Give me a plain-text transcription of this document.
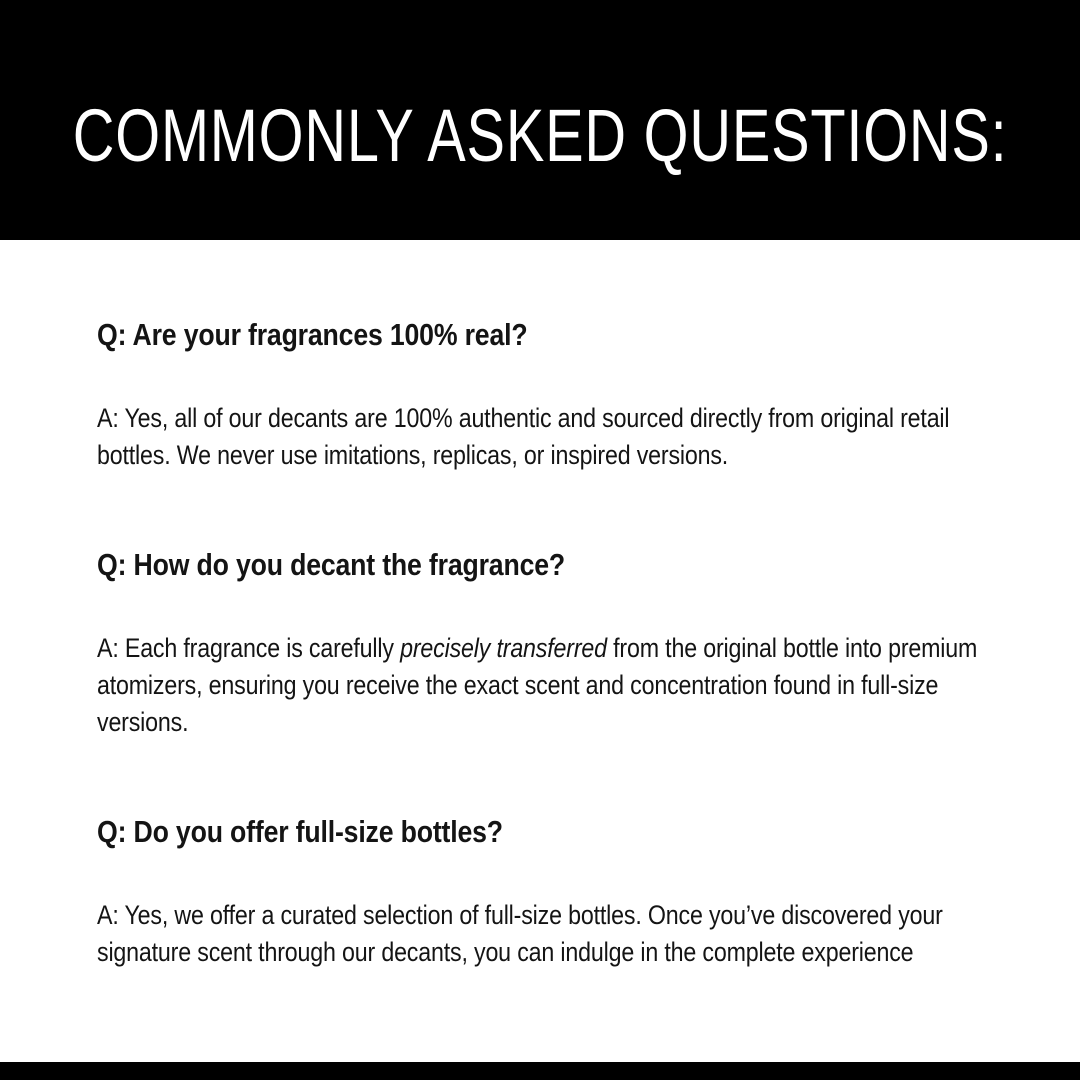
COMMONLY ASKED QUESTIONS:
Q: Are your fragrances 100% real?

A: Yes, all of our decants are 100% authentic and sourced directly from original retail bottles. We never use imitations, replicas, or inspired versions.

Q: How do you decant the fragrance?

A: Each fragrance is carefully precisely transferred from the original bottle into premium atomizers, ensuring you receive the exact scent and concentration found in full-size versions.

Q: Do you offer full-size bottles?

A: Yes, we offer a curated selection of full-size bottles. Once you’ve discovered your signature scent through our decants, you can indulge in the complete experience
